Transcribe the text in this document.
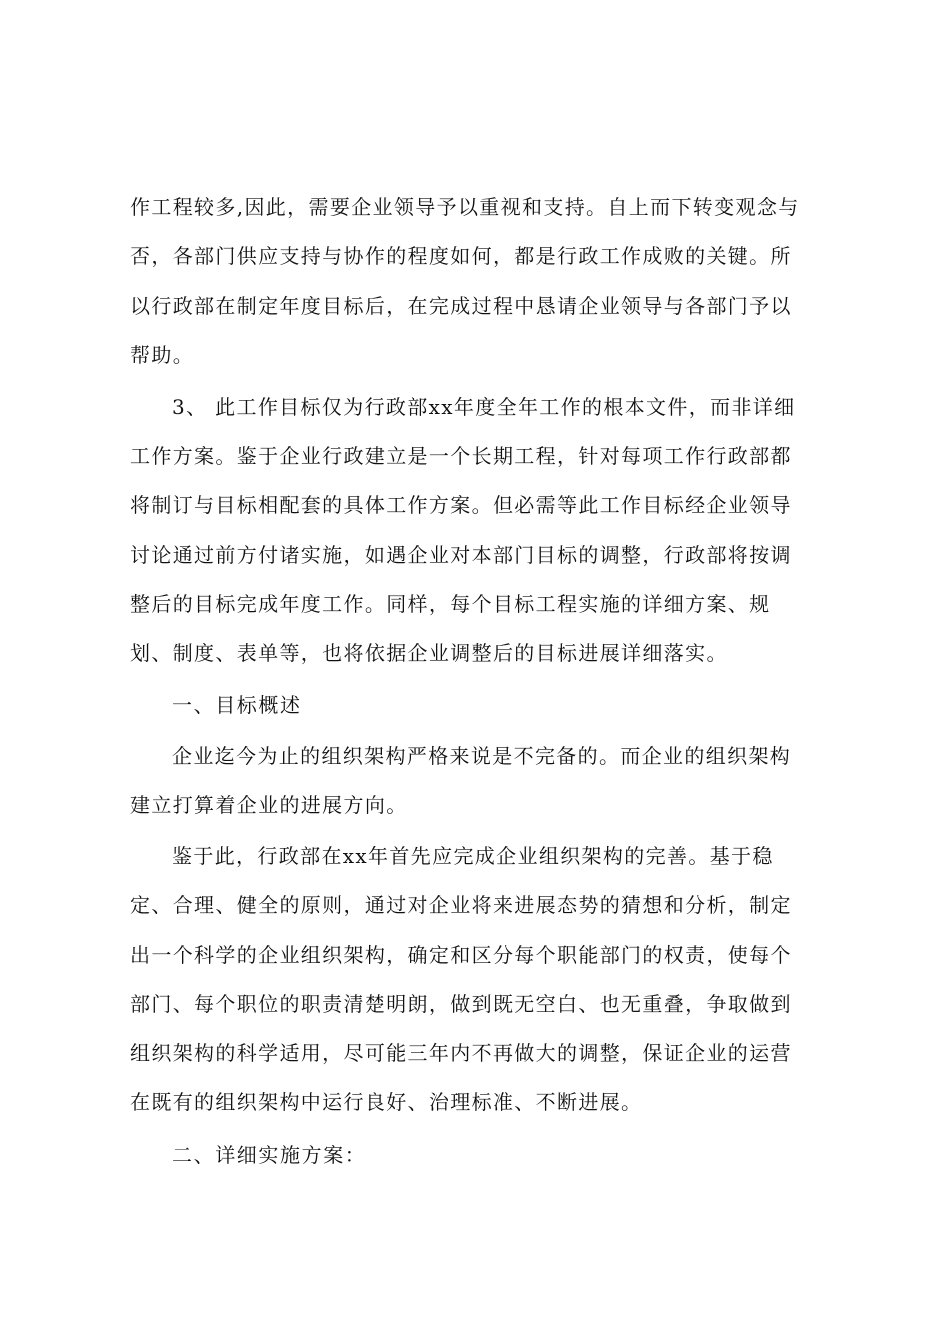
作工程较多,因此，需要企业领导予以重视和支持。自上而下转变观念与
否，各部门供应支持与协作的程度如何，都是行政工作成败的关键。所
以行政部在制定年度目标后，在完成过程中恳请企业领导与各部门予以
帮助。
3、 此工作目标仅为行政部xx年度全年工作的根本文件，而非详细
工作方案。鉴于企业行政建立是一个长期工程，针对每项工作行政部都
将制订与目标相配套的具体工作方案。但必需等此工作目标经企业领导
讨论通过前方付诸实施，如遇企业对本部门目标的调整，行政部将按调
整后的目标完成年度工作。同样，每个目标工程实施的详细方案、规
划、制度、表单等，也将依据企业调整后的目标进展详细落实。
一、目标概述
企业迄今为止的组织架构严格来说是不完备的。而企业的组织架构
建立打算着企业的进展方向。
鉴于此，行政部在xx年首先应完成企业组织架构的完善。基于稳
定、合理、健全的原则，通过对企业将来进展态势的猜想和分析，制定
出一个科学的企业组织架构，确定和区分每个职能部门的权责，使每个
部门、每个职位的职责清楚明朗，做到既无空白、也无重叠，争取做到
组织架构的科学适用，尽可能三年内不再做大的调整，保证企业的运营
在既有的组织架构中运行良好、治理标准、不断进展。
二、详细实施方案：
